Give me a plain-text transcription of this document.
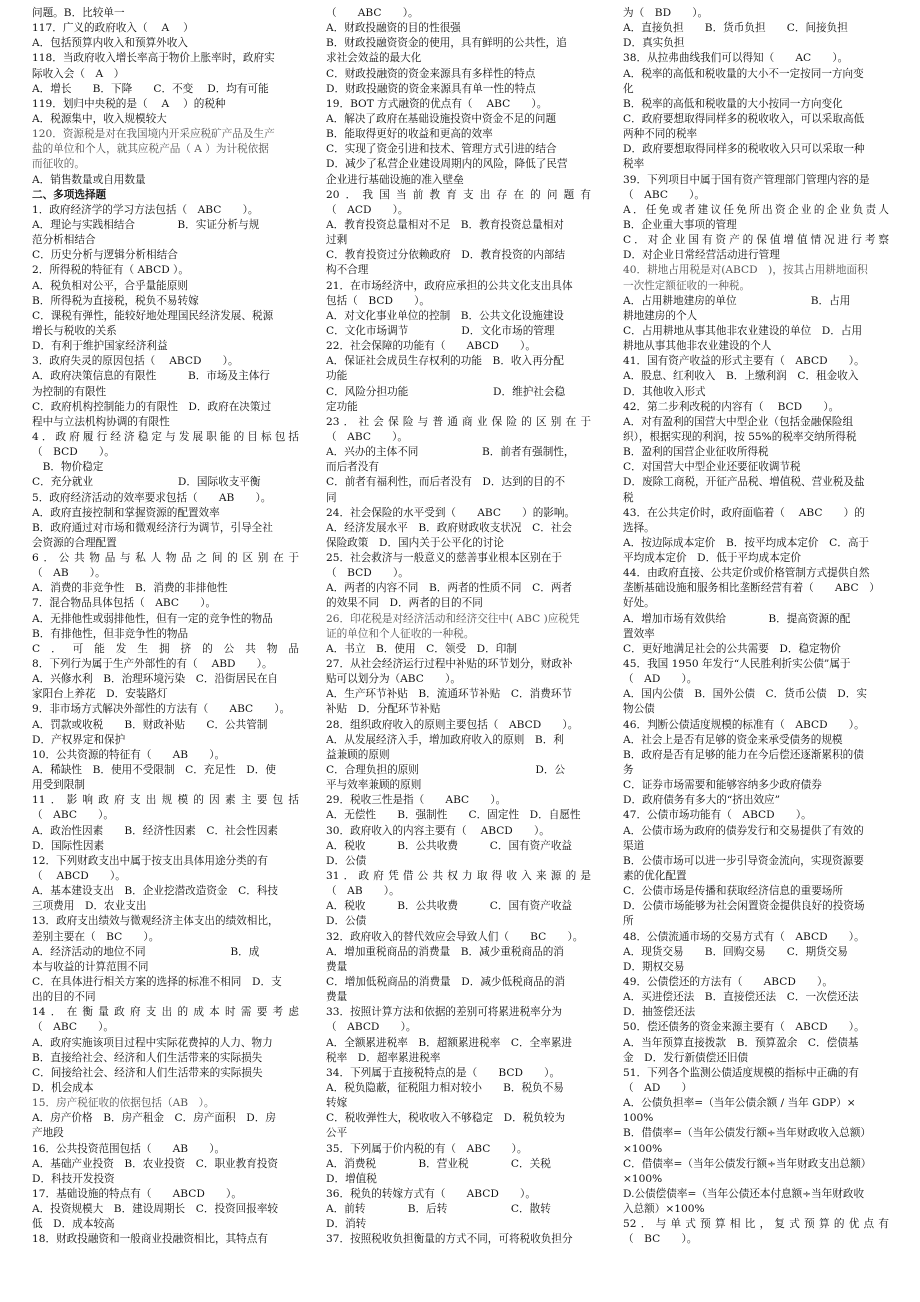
问题。B．比较单一
117．广义的政府收入（　 A 　）
A．包括预算内收入和预算外收入
118．当政府收入增长率高于物价上胀率时，政府实
际收入会（　A　）
A．增长　　B．下降　　C．不变　 D．均有可能
119．划归中央税的是（　 A 　）的税种
A．税源集中，收入规模较大
120．资源税是对在我国境内开采应税矿产品及生产
盐的单位和个人，就其应税产品（ A ）为计税依据
而征收的。
A．销售数量或自用数量
二、多项选择题
1．政府经济学的学习方法包括（　ABC　　）。
A．理论与实践相结合　　　　B．实证分析与规
范分析相结合
C．历史分析与逻辑分析相结合
2．所得税的特征有（ ABCD ）。
A．税负相对公平，合乎量能原则
B．所得税为直接税，税负不易转嫁
C．课税有弹性，能较好地处理国民经济发展、税源
增长与税收的关系
D．有利于维护国家经济利益
3．政府失灵的原因包括（　 ABCD　　）。
A．政府决策信息的有限性　　　B．市场及主体行
为控制的有限性
C．政府机构控制能力的有限性　D．政府在决策过
程中与立法机构协调的有限性
4．政府履行经济稳定与发展职能的目标包括
（　BCD　　）。
　B．物价稳定
C．充分就业　　　　　　　　D．国际收支平衡
5．政府经济活动的效率要求包括（　　AB　　）。
A．政府直接控制和掌握资源的配置效率
B．政府通过对市场和微观经济行为调节，引导全社
会资源的合理配置
6．公共物品与私人物品之间的区别在于
（　AB　　）。
A．消费的非竞争性　B．消费的非排他性
7．混合物品具体包括（　ABC　　）。
A．无排他性或弱排他性，但有一定的竞争性的物品
B．有排他性，但非竞争性的物品
C．可能发生拥挤的公共物品
8．下列行为属于生产外部性的有（　 ABD　　）。
A．兴修水利　B．治理环境污染　C．沿街居民在自
家阳台上养花　D．安装路灯
9．非市场方式解决外部性的方法有（　　ABC　　）。
A．罚款或收税　　B．财政补贴　　C．公共管制　
D．产权界定和保护
10．公共资源的特征有（　　AB　　）。
A．稀缺性　B．使用不受限制　C．充足性　D．使
用受到限制
11．影响政府支出规模的因素主要包括
（　ABC　　）。
A．政治性因素　　B．经济性因素　C．社会性因素
D．国际性因素
12．下列财政支出中属于按支出具体用途分类的有
（　 ABCD　　）。
A．基本建设支出　B．企业挖潜改造资金　C．科技
三项费用　D．农业支出
13．政府支出绩效与微观经济主体支出的绩效相比，
差别主要在（　BC　　）。
A．经济活动的地位不同　　　　　　　　B．成
本与收益的计算范围不同
C．在具体进行相关方案的选择的标准不相同　D．支
出的目的不同
14．在衡量政府支出的成本时需要考虑
（　ABC　　）。
A．政府实施该项目过程中实际花费掉的人力、物力
B．直接给社会、经济和人们生活带来的实际损失
C．间接给社会、经济和人们生活带来的实际损失
D．机会成本
15．房产税征收的依据包括（AB　）。
A．房产价格　B．房产租金　C．房产面积　D．房
产地段
16．公共投资范围包括（　　AB　　）。
A．基础产业投资　B．农业投资　C．职业教育投资　
D．科技开发投资
17．基础设施的特点有（　　ABCD　　）。
A．投资规模大　B．建设周期长　C．投资回报率较
低　D．成本较高
18．财政投融资和一般商业投融资相比，其特点有
（　　ABC　　）。
A．财政投融资的目的性很强
B．财政投融资资金的使用，具有鲜明的公共性，追
求社会效益的最大化
C．财政投融资的资金来源具有多样性的特点
D．财政投融资的资金来源具有单一性的特点
19．BOT 方式融资的优点有（　 ABC　　）。
A．解决了政府在基础设施投资中资金不足的问题
B．能取得更好的收益和更高的效率
C．实现了资金引进和技术、管理方式引进的结合
D．减少了私营企业建设周期内的风险，降低了民营
企业进行基础设施的准入壁垒
20．我国当前教育支出存在的问题有
（　ACD　　）。
A．教育投资总量相对不足　B．教育投资总量相对
过剩
C．教育投资过分依赖政府　D．教育投资的内部结
构不合理
21．在市场经济中，政府应承担的公共文化支出具体
包括（　BCD　　）。
A．对文化事业单位的控制　B．公共文化设施建设
C．文化市场调节　　　　　D．文化市场的管理
22．社会保障的功能有（　　ABCD　　）。
A．保证社会成员生存权利的功能　B．收入再分配
功能
C．风险分担功能　　　　　　　　D．维护社会稳
定功能
23．社会保险与普通商业保险的区别在于
（　ABC　　）。
A．兴办的主体不同　　　　　　B．前者有强制性，
而后者没有
C．前者有福利性，而后者没有　D．达到的目的不
同
24．社会保险的水平受到（　　ABC　　）的影响。
A．经济发展水平　B．政府财政收支状况　C．社会
保险政策　D．国内关于公平化的讨论
25．社会救济与一般意义的慈善事业根本区别在于
（　BCD　　）。
A．两者的内容不同　B．两者的性质不同　C．两者
的效果不同　D．两者的目的不同
26．印花税是对经济活动和经济交往中( ABC )应税凭
证的单位和个人征收的一种税。
A．书立　B．使用　C．领受　D．印制
27．从社会经济运行过程中补贴的环节划分，财政补
贴可以划分为（ABC　　）。
A．生产环节补贴　B．流通环节补贴　C．消费环节
补贴　D．分配环节补贴
28．组织政府收入的原则主要包括（　ABCD　　）。
A．从发展经济入手，增加政府收入的原则　B．利
益兼顾的原则
C．合理负担的原则　　　　　　　　　　　D．公
平与效率兼顾的原则
29．税收三性是指（　　ABC　　）。
A．无偿性　　B．强制性　　C．固定性　D．自愿性
30．政府收入的内容主要有（　 ABCD　　）。
A．税收　　　B．公共收费　　　C．国有资产收益
D．公债
31．政府凭借公共权力取得收入来源的是
（　AB　　）。
A．税收　　　B．公共收费　　　C．国有资产收益
D．公债
32．政府收入的替代效应会导致人们（　　BC　　）。
A．增加重税商品的消费量　B．减少重税商品的消
费量
C．增加低税商品的消费量　D．减少低税商品的消
费量
33．按照计算方法和依据的差别可将累进税率分为
（　ABCD　　）。
A．全额累进税率　B．超额累进税率　C．全率累进
税率　D．超率累进税率
34．下列属于直接税特点的是（　　BCD　　）。
A．税负隐蔽，征税阻力相对较小　　B．税负不易
转嫁
C．税收弹性大，税收收入不够稳定　D．税负较为
公平
35．下列属于价内税的有（　ABC　　）。
A．消费税　　　　B．营业税　　　　C．关税　
D．增值税
36．税负的转嫁方式有（　　ABCD　　）。
A．前转　　　　B．后转　　　　　　C．散转　
D．消转
37．按照税收负担衡量的方式不同，可将税收负担分
为（　BD　　）。
A．直接负担　　B．货币负担　　C．间接负担　
D．真实负担
38．从拉弗曲线我们可以得知（　　AC　　）。
A．税率的高低和税收量的大小不一定按同一方向变
化
B．税率的高低和税收量的大小按同一方向变化
C．政府要想取得同样多的税收收入，可以采取高低
两种不同的税率
D．政府要想取得同样多的税收收入只可以采取一种
税率
39．下列项目中属于国有资产管理部门管理内容的是
（　ABC　　）。
A．任免或者建议任免所出资企业的企业负责人
B．企业重大事项的管理
C．对企业国有资产的保值增值情况进行考察
D．对企业日常经营活动进行管理
40．耕地占用税是对(ABCD　)，按其占用耕地面积
一次性定额征收的一种税。
A．占用耕地建房的单位　　　　　　　B．占用
耕地建房的个人
C．占用耕地从事其他非农业建设的单位　D．占用
耕地从事其他非农业建设的个人
41．国有资产收益的形式主要有（　ABCD　　）。
A．股息、红利收入　B．上缴利润　C．租金收入　
D．其他收入形式
42．第二步利改税的内容有（　 BCD　　）。
A．对有盈利的国营大中型企业（包括金融保险组
织），根据实现的利润，按 55%的税率交纳所得税
B．盈利的国营企业征收所得税
C．对国营大中型企业还要征收调节税
D．废除工商税，开征产品税、增值税、营业税及盐
税
43．在公共定价时，政府面临着（　 ABC　　）的
选择。
A．按边际成本定价　B．按平均成本定价　C．高于
平均成本定价　D．低于平均成本定价
44．由政府直接、公共定价或价格管制方式提供自然
垄断基础设施和服务相比垄断经营有着（　　ABC　）
好处。
A．增加市场有效供给　　　　B．提高资源的配
置效率
C．更好地满足社会的公共需要　D．稳定物价
45．我国 1950 年发行“人民胜利折实公债”属于
（　AD　　）。
A．国内公债　B．国外公债　C．货币公债　D．实
物公债
46．判断公债适度规模的标准有（　ABCD　　）。
A．社会上是否有足够的资金来承受债务的规模
B．政府是否有足够的能力在今后偿还逐渐累积的债
务
C．证券市场需要和能够容纳多少政府债券
D．政府债务有多大的“挤出效应”
47．公债市场功能有（　ABCD　　）。
A．公债市场为政府的债券发行和交易提供了有效的
渠道
B．公债市场可以进一步引导资金流向，实现资源要
素的优化配置
C．公债市场是传播和获取经济信息的重要场所
D．公债市场能够为社会闲置资金提供良好的投资场
所
48．公债流通市场的交易方式有（　ABCD　　）。
A．现货交易　　B．回购交易　　C．期货交易　
D．期权交易
49．公债偿还的方法有（　　ABCD　　）。
A．买进偿还法　B．直接偿还法　C．一次偿还法　
D．抽签偿还法
50．偿还债务的资金来源主要有（　ABCD　　）。
A．当年预算直接拨款　B．预算盈余　C．偿债基
金　D．发行新债偿还旧债
51．下列各个监测公债适度规模的指标中正确的有
（　AD　　）
A．公债负担率=（当年公债余额 / 当年 GDP）×
100%
B．借债率=（当年公债发行额÷当年财政收入总额）
×100%
C．借债率=（当年公债发行额÷当年财政支出总额）
×100%
D.公债偿债率=（当年公债还本付息额÷当年财政收
入总额）×100%
52．与单式预算相比，复式预算的优点有
（　BC　　）。
